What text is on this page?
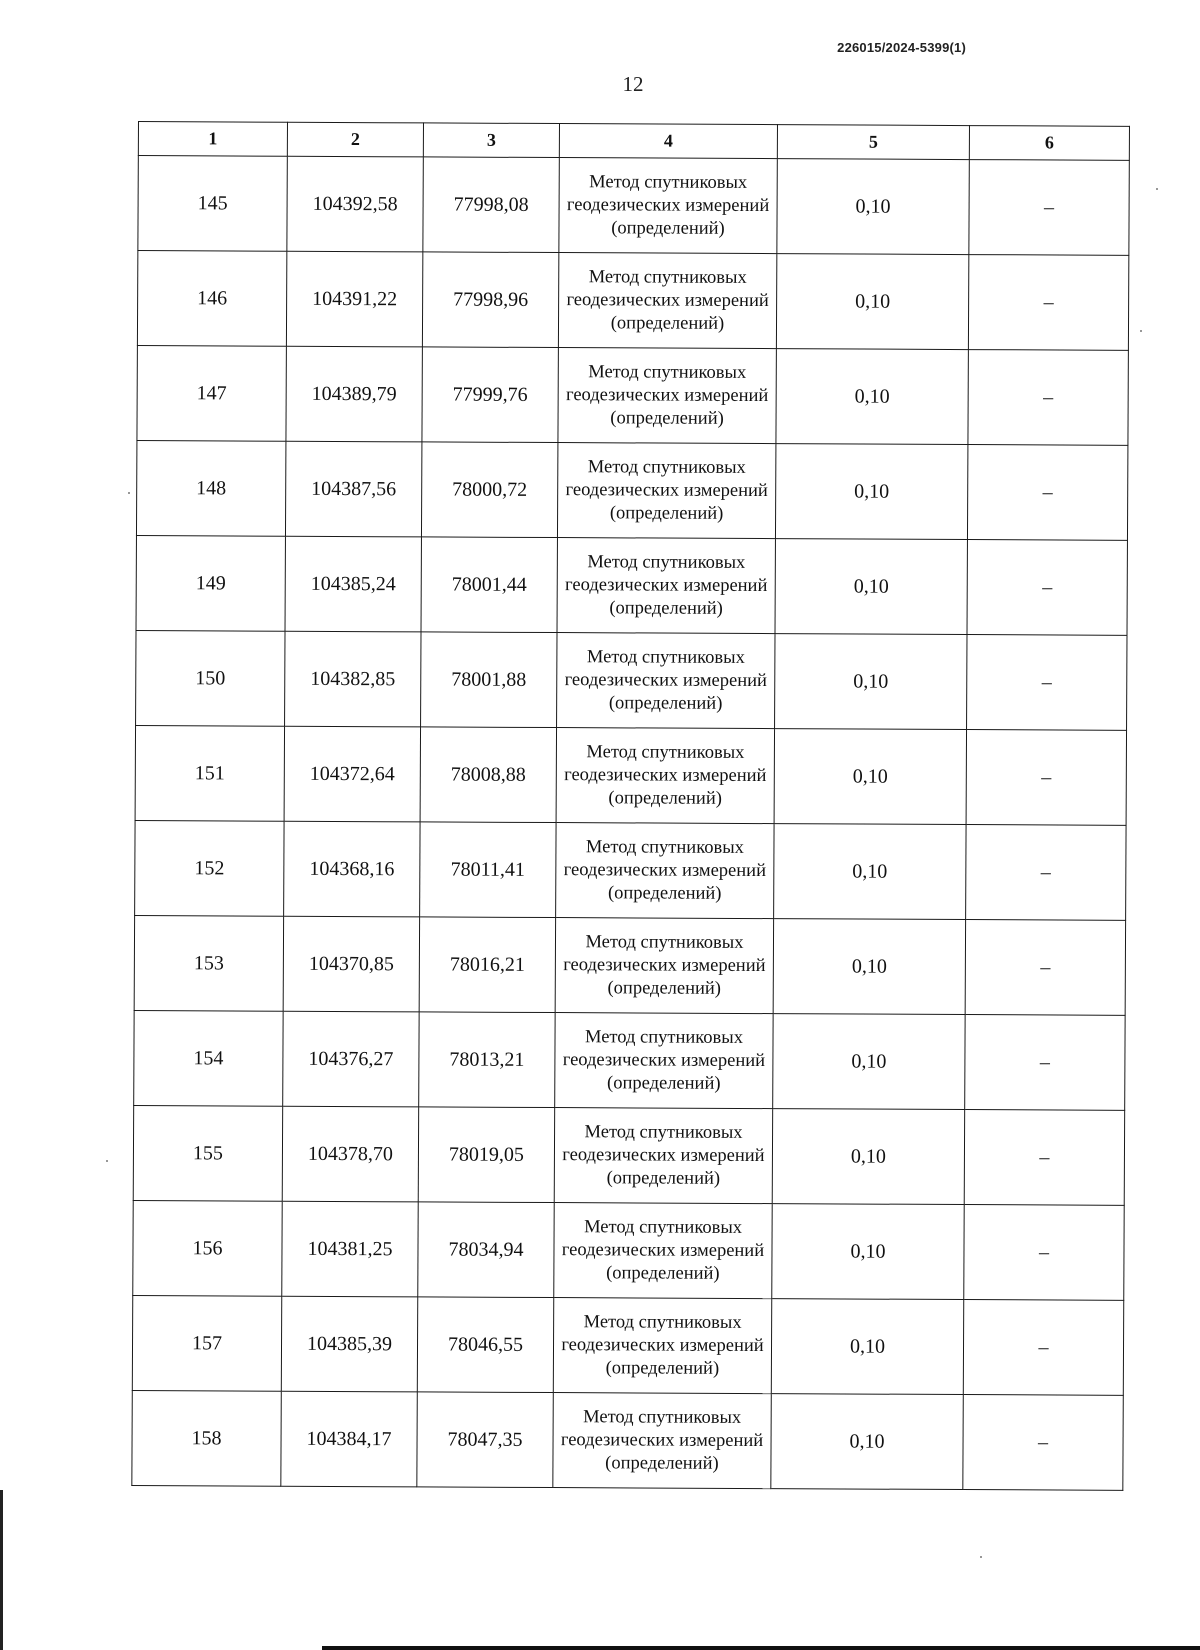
226015/2024-5399(1)
12
1	2	3	4	5	6
145	104392,58	77998,08	Метод спутниковых геодезических измерений (определений)	0,10	–
146	104391,22	77998,96	Метод спутниковых геодезических измерений (определений)	0,10	–
147	104389,79	77999,76	Метод спутниковых геодезических измерений (определений)	0,10	–
148	104387,56	78000,72	Метод спутниковых геодезических измерений (определений)	0,10	–
149	104385,24	78001,44	Метод спутниковых геодезических измерений (определений)	0,10	–
150	104382,85	78001,88	Метод спутниковых геодезических измерений (определений)	0,10	–
151	104372,64	78008,88	Метод спутниковых геодезических измерений (определений)	0,10	–
152	104368,16	78011,41	Метод спутниковых геодезических измерений (определений)	0,10	–
153	104370,85	78016,21	Метод спутниковых геодезических измерений (определений)	0,10	–
154	104376,27	78013,21	Метод спутниковых геодезических измерений (определений)	0,10	–
155	104378,70	78019,05	Метод спутниковых геодезических измерений (определений)	0,10	–
156	104381,25	78034,94	Метод спутниковых геодезических измерений (определений)	0,10	–
157	104385,39	78046,55	Метод спутниковых геодезических измерений (определений)	0,10	–
158	104384,17	78047,35	Метод спутниковых геодезических измерений (определений)	0,10	–
